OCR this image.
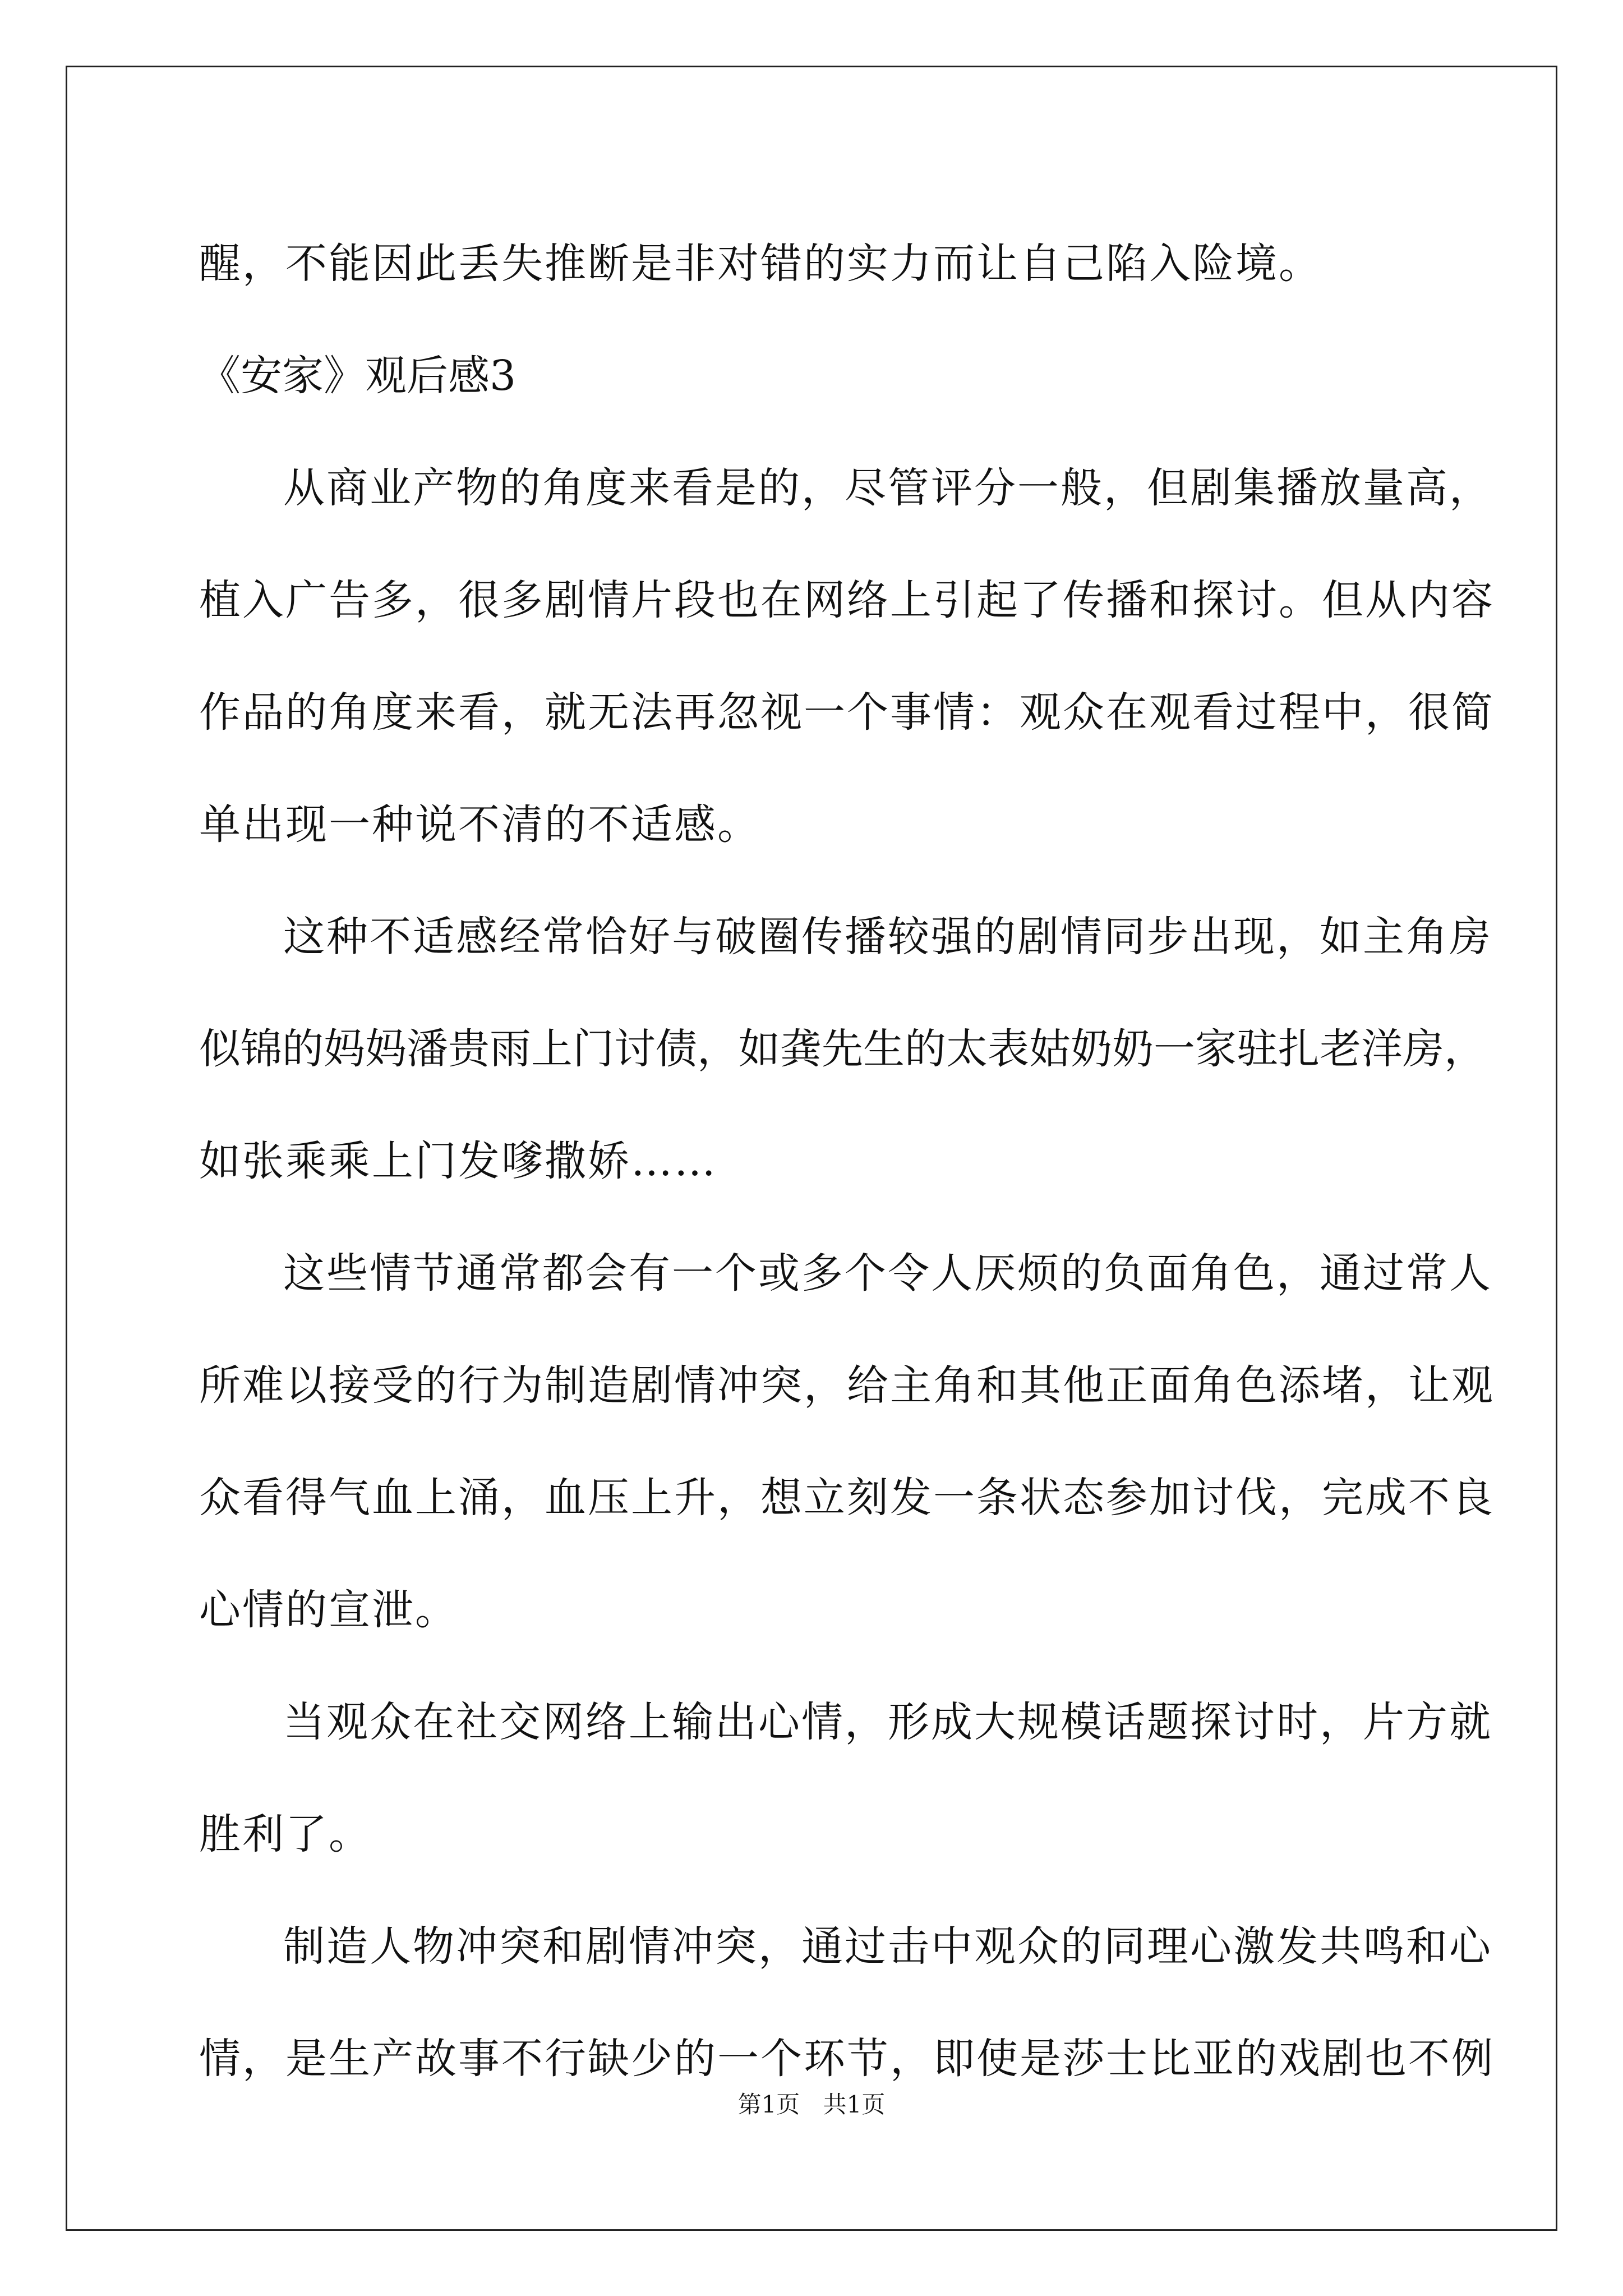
醒，不能因此丢失推断是非对错的实力而让自己陷入险境。
《安家》观后感3
从商业产物的角度来看是的，尽管评分一般，但剧集播放量高，
植入广告多，很多剧情片段也在网络上引起了传播和探讨。但从内容
作品的角度来看，就无法再忽视一个事情：观众在观看过程中，很简
单出现一种说不清的不适感。
这种不适感经常恰好与破圈传播较强的剧情同步出现，如主角房
似锦的妈妈潘贵雨上门讨债，如龚先生的太表姑奶奶一家驻扎老洋房，
如张乘乘上门发嗲撒娇……
这些情节通常都会有一个或多个令人厌烦的负面角色，通过常人
所难以接受的行为制造剧情冲突，给主角和其他正面角色添堵，让观
众看得气血上涌，血压上升，想立刻发一条状态参加讨伐，完成不良
心情的宣泄。
当观众在社交网络上输出心情，形成大规模话题探讨时，片方就
胜利了。
制造人物冲突和剧情冲突，通过击中观众的同理心激发共鸣和心
情，是生产故事不行缺少的一个环节，即使是莎士比亚的戏剧也不例
第1页 共1页
